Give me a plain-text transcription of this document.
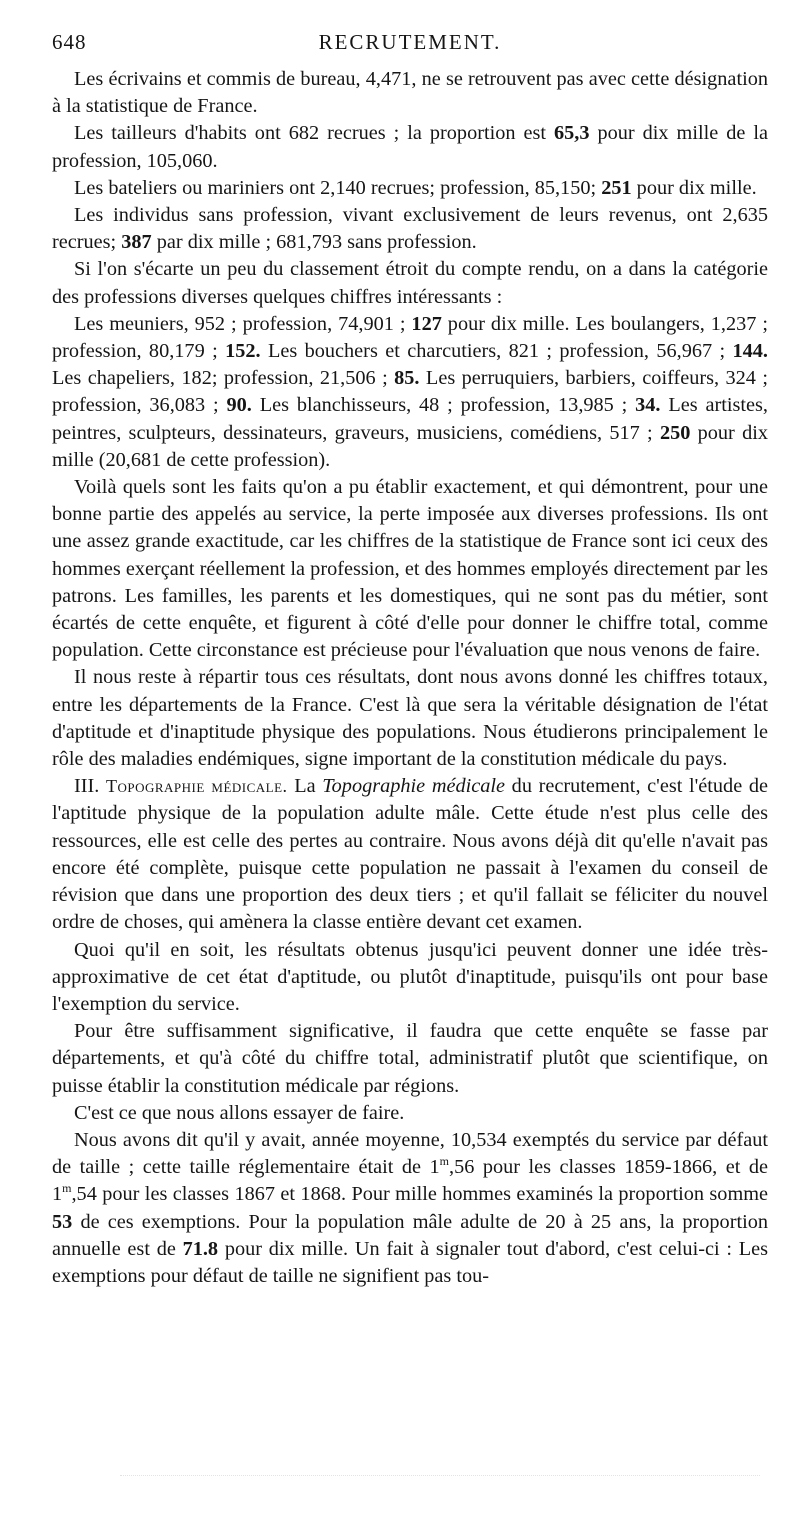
648	RECRUTEMENT.

Les écrivains et commis de bureau, 4,471, ne se retrouvent pas avec cette désignation à la statistique de France.

Les tailleurs d'habits ont 682 recrues ; la proportion est 65,3 pour dix mille de la profession, 105,060.

Les bateliers ou mariniers ont 2,140 recrues; profession, 85,150; 251 pour dix mille.

Les individus sans profession, vivant exclusivement de leurs revenus, ont 2,635 recrues; 387 par dix mille ; 681,793 sans profession.

Si l'on s'écarte un peu du classement étroit du compte rendu, on a dans la catégorie des professions diverses quelques chiffres intéressants :

Les meuniers, 952 ; profession, 74,901 ; 127 pour dix mille. Les boulangers, 1,237 ; profession, 80,179 ; 152. Les bouchers et charcutiers, 821 ; profession, 56,967 ; 144. Les chapeliers, 182; profession, 21,506 ; 85. Les perruquiers, barbiers, coiffeurs, 324 ; profession, 36,083 ; 90. Les blanchisseurs, 48 ; profession, 13,985 ; 34. Les artistes, peintres, sculpteurs, dessinateurs, graveurs, musiciens, comédiens, 517 ; 250 pour dix mille (20,681 de cette profession).

Voilà quels sont les faits qu'on a pu établir exactement, et qui démontrent, pour une bonne partie des appelés au service, la perte imposée aux diverses professions. Ils ont une assez grande exactitude, car les chiffres de la statistique de France sont ici ceux des hommes exerçant réellement la profession, et des hommes employés directement par les patrons. Les familles, les parents et les domestiques, qui ne sont pas du métier, sont écartés de cette enquête, et figurent à côté d'elle pour donner le chiffre total, comme population. Cette circonstance est précieuse pour l'évaluation que nous venons de faire.

Il nous reste à répartir tous ces résultats, dont nous avons donné les chiffres totaux, entre les départements de la France. C'est là que sera la véritable désignation de l'état d'aptitude et d'inaptitude physique des populations. Nous étudierons principalement le rôle des maladies endémiques, signe important de la constitution médicale du pays.

III. Topographie médicale. La Topographie médicale du recrutement, c'est l'étude de l'aptitude physique de la population adulte mâle. Cette étude n'est plus celle des ressources, elle est celle des pertes au contraire. Nous avons déjà dit qu'elle n'avait pas encore été complète, puisque cette population ne passait à l'examen du conseil de révision que dans une proportion des deux tiers ; et qu'il fallait se féliciter du nouvel ordre de choses, qui amènera la classe entière devant cet examen.

Quoi qu'il en soit, les résultats obtenus jusqu'ici peuvent donner une idée très-approximative de cet état d'aptitude, ou plutôt d'inaptitude, puisqu'ils ont pour base l'exemption du service.

Pour être suffisamment significative, il faudra que cette enquête se fasse par départements, et qu'à côté du chiffre total, administratif plutôt que scientifique, on puisse établir la constitution médicale par régions.

C'est ce que nous allons essayer de faire.

Nous avons dit qu'il y avait, année moyenne, 10,534 exemptés du service par défaut de taille ; cette taille réglementaire était de 1$^m$,56 pour les classes 1859-1866, et de 1$^m$,54 pour les classes 1867 et 1868. Pour mille hommes examinés la proportion somme 53 de ces exemptions. Pour la population mâle adulte de 20 à 25 ans, la proportion annuelle est de 71.8 pour dix mille. Un fait à signaler tout d'abord, c'est celui-ci : Les exemptions pour défaut de taille ne signifient pas tou-
